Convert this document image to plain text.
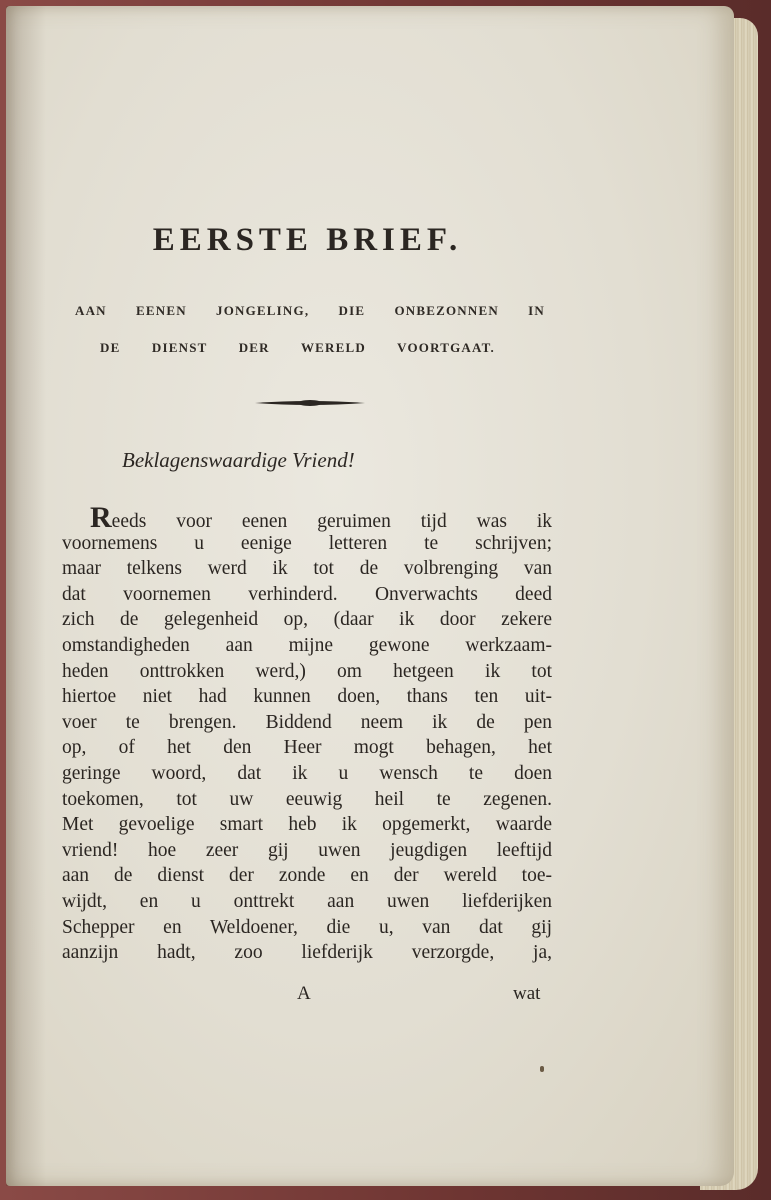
EERSTE BRIEF.
AAN EENEN JONGELING, DIE ONBEZONNEN IN
DE DIENST DER WERELD VOORTGAAT.
Beklagenswaardige Vriend!
Reeds voor eenen geruimen tijd was ik
voornemens u eenige letteren te schrijven;
maar telkens werd ik tot de volbrenging van
dat voornemen verhinderd. Onverwachts deed
zich de gelegenheid op, (daar ik door zekere
omstandigheden aan mijne gewone werkzaam-
heden onttrokken werd,) om hetgeen ik tot
hiertoe niet had kunnen doen, thans ten uit-
voer te brengen. Biddend neem ik de pen
op, of het den Heer mogt behagen, het
geringe woord, dat ik u wensch te doen
toekomen, tot uw eeuwig heil te zegenen.
Met gevoelige smart heb ik opgemerkt, waarde
vriend! hoe zeer gij uwen jeugdigen leeftijd
aan de dienst der zonde en der wereld toe-
wijdt, en u onttrekt aan uwen liefderijken
Schepper en Weldoener, die u, van dat gij
aanzijn hadt, zoo liefderijk verzorgde, ja,
A	wat
